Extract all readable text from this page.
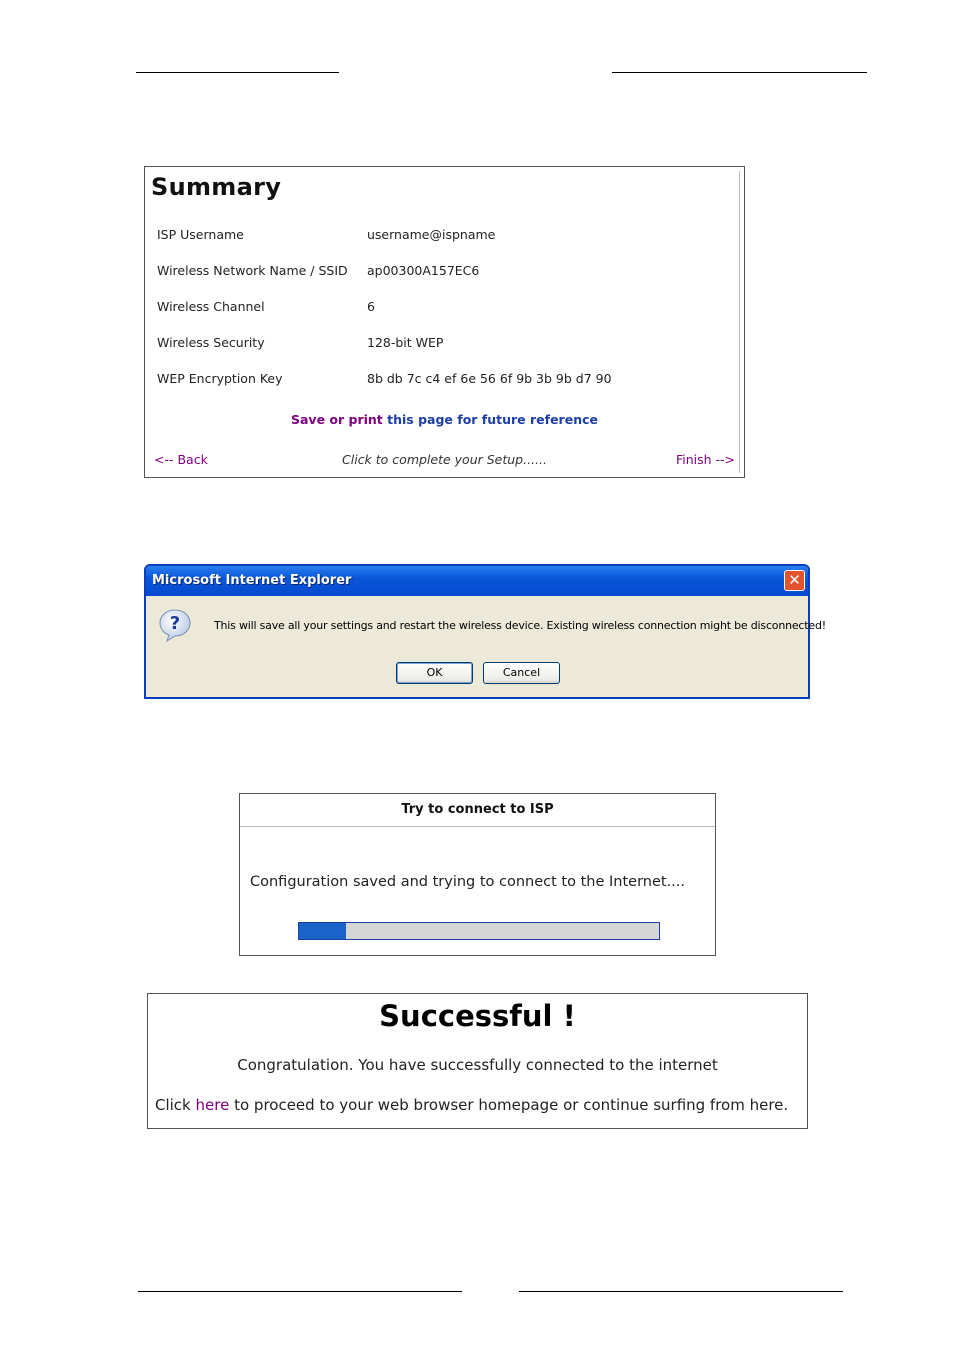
Summary
ISP Username	username@ispname
Wireless Network Name / SSID ap00300A157EC6
Wireless Channel	6
Wireless Security	128-bit WEP
WEP Encryption Key	8b db 7c c4 ef 6e 56 6f 9b 3b 9b d7 90
Save or print this page for future reference
Click to complete your Setup......
<-- Back	Finish -->
Microsoft Internet Explorer	✕
?	This will save all your settings and restart the wireless device. Existing wireless connection might be disconnected!
OK	Cancel
Try to connect to ISP
Configuration saved and trying to connect to the Internet....
Successful !
Congratulation. You have successfully connected to the internet
Click here to proceed to your web browser homepage or continue surfing from here.
